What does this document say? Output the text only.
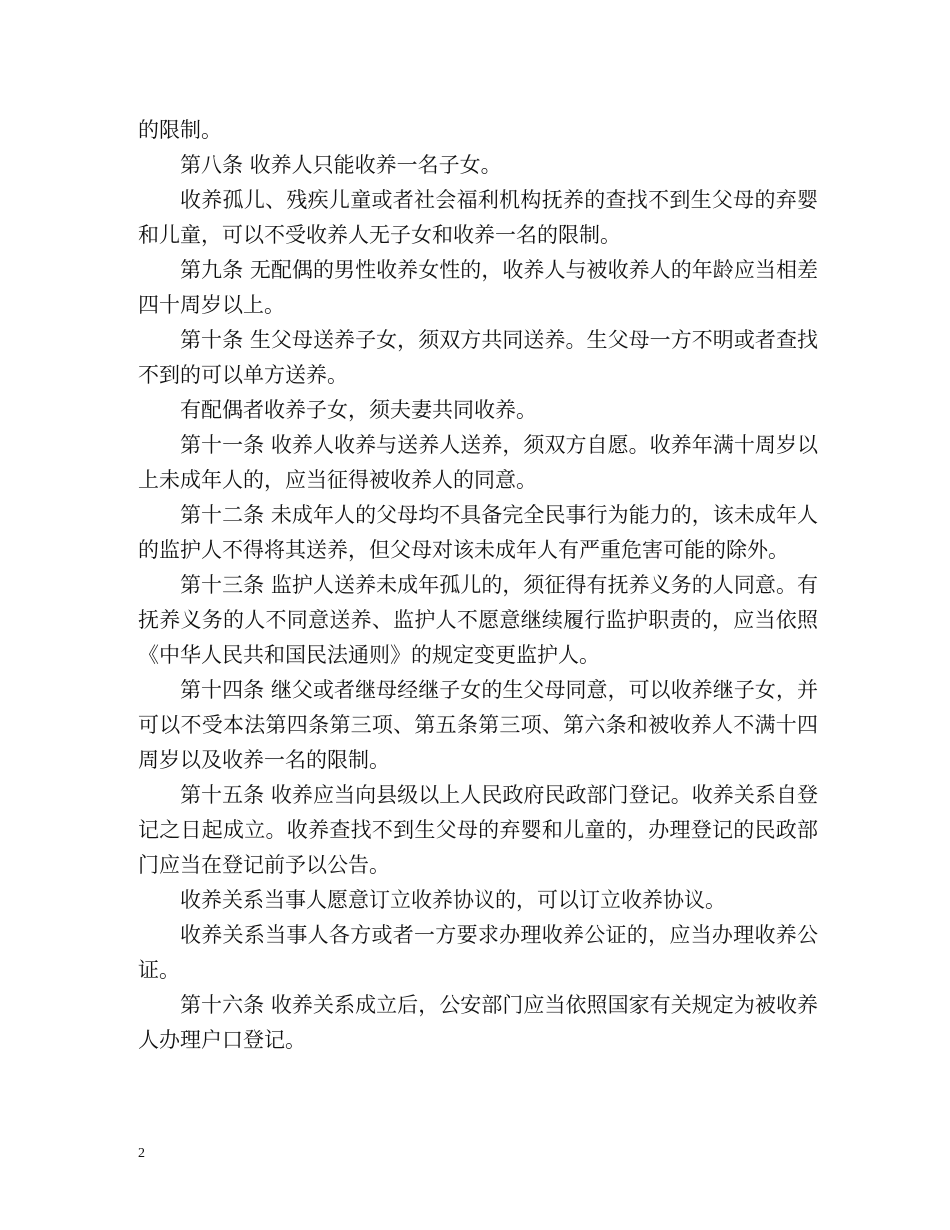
的限制。

第八条 收养人只能收养一名子女。

收养孤儿、残疾儿童或者社会福利机构抚养的查找不到生父母的弃婴和儿童，可以不受收养人无子女和收养一名的限制。

第九条 无配偶的男性收养女性的，收养人与被收养人的年龄应当相差四十周岁以上。

第十条 生父母送养子女，须双方共同送养。生父母一方不明或者查找不到的可以单方送养。

有配偶者收养子女，须夫妻共同收养。

第十一条 收养人收养与送养人送养，须双方自愿。收养年满十周岁以上未成年人的，应当征得被收养人的同意。

第十二条 未成年人的父母均不具备完全民事行为能力的，该未成年人的监护人不得将其送养，但父母对该未成年人有严重危害可能的除外。

第十三条 监护人送养未成年孤儿的，须征得有抚养义务的人同意。有抚养义务的人不同意送养、监护人不愿意继续履行监护职责的，应当依照《中华人民共和国民法通则》的规定变更监护人。

第十四条 继父或者继母经继子女的生父母同意，可以收养继子女，并可以不受本法第四条第三项、第五条第三项、第六条和被收养人不满十四周岁以及收养一名的限制。

第十五条 收养应当向县级以上人民政府民政部门登记。收养关系自登记之日起成立。收养查找不到生父母的弃婴和儿童的，办理登记的民政部门应当在登记前予以公告。

收养关系当事人愿意订立收养协议的，可以订立收养协议。

收养关系当事人各方或者一方要求办理收养公证的，应当办理收养公证。

第十六条 收养关系成立后，公安部门应当依照国家有关规定为被收养人办理户口登记。

2
